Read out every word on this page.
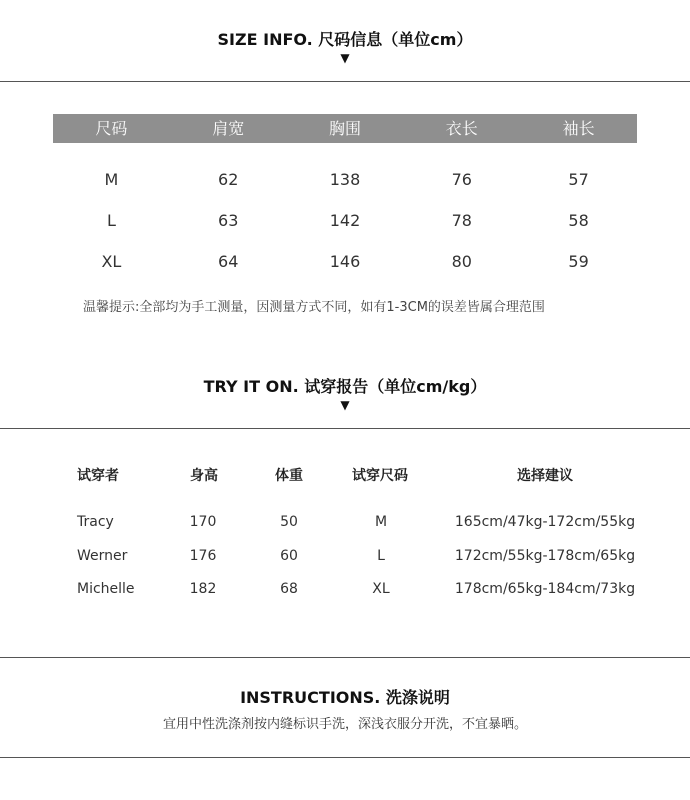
SIZE INFO. 尺码信息（单位cm）
▼
尺码	肩宽	胸围	衣长	袖长
M	62	138	76	57
L	63	142	78	58
XL	64	146	80	59
温馨提示:全部均为手工测量，因测量方式不同，如有1-3CM的误差皆属合理范围
TRY IT ON. 试穿报告（单位cm/kg）
▼
试穿者	身高	体重	试穿尺码	选择建议
Tracy	170	50	M	165cm/47kg-172cm/55kg
Werner	176	60	L	172cm/55kg-178cm/65kg
Michelle	182	68	XL	178cm/65kg-184cm/73kg
INSTRUCTIONS. 洗涤说明
宜用中性洗涤剂按内缝标识手洗，深浅衣服分开洗，不宜暴晒。
